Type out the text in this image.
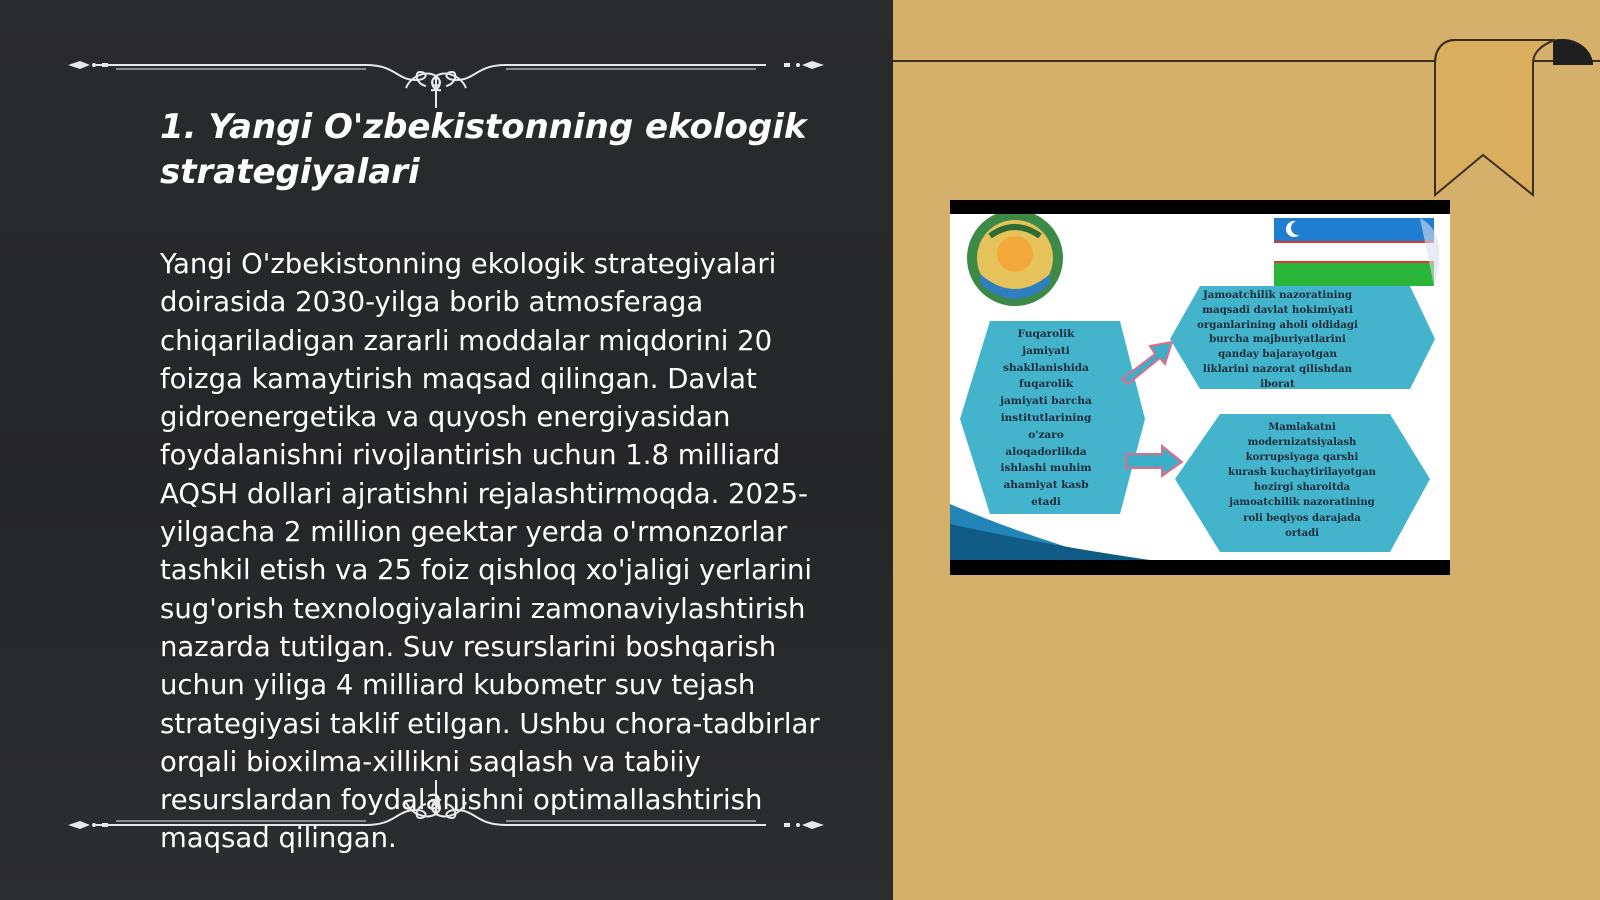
1. Yangi O'zbekistonning ekologik strategiyalari

Yangi O'zbekistonning ekologik strategiyalari doirasida 2030-yilga borib atmosferaga chiqariladigan zararli moddalar miqdorini 20 foizga kamaytirish maqsad qilingan. Davlat gidroenergetika va quyosh energiyasidan foydalanishni rivojlantirish uchun 1.8 milliard AQSH dollari ajratishni rejalashtirmoqda. 2025-yilgacha 2 million geektar yerda o'rmonzorlar tashkil etish va 25 foiz qishloq xo'jaligi yerlarini sug'orish texnologiyalarini zamonaviylashtirish nazarda tutilgan. Suv resurslarini boshqarish uchun yiliga 4 milliard kubometr suv tejash strategiyasi taklif etilgan. Ushbu chora-tadbirlar orqali bioxilma-xillikni saqlash va tabiiy resurslardan foydalanishni optimallashtirish maqsad qilingan.

Fuqarolik
jamiyati
shakllanishida
fuqarolik
jamiyati barcha
institutlarining
o'zaro
aloqadorlikda
ishlashi muhim
ahamiyat kasb
etadi
Jamoatchilik nazoratining
maqsadi davlat hokimiyati
organlarining aholi oldidagi
burcha majburiyatlarini
qanday bajarayotgan
liklarini nazorat qilishdan
iborat
Mamlakatni
modernizatsiyalash
korrupsiyaga qarshi
kurash kuchaytirilayotgan
hozirgi sharoitda
jamoatchilik nazoratining
roli beqiyos darajada
ortadi
